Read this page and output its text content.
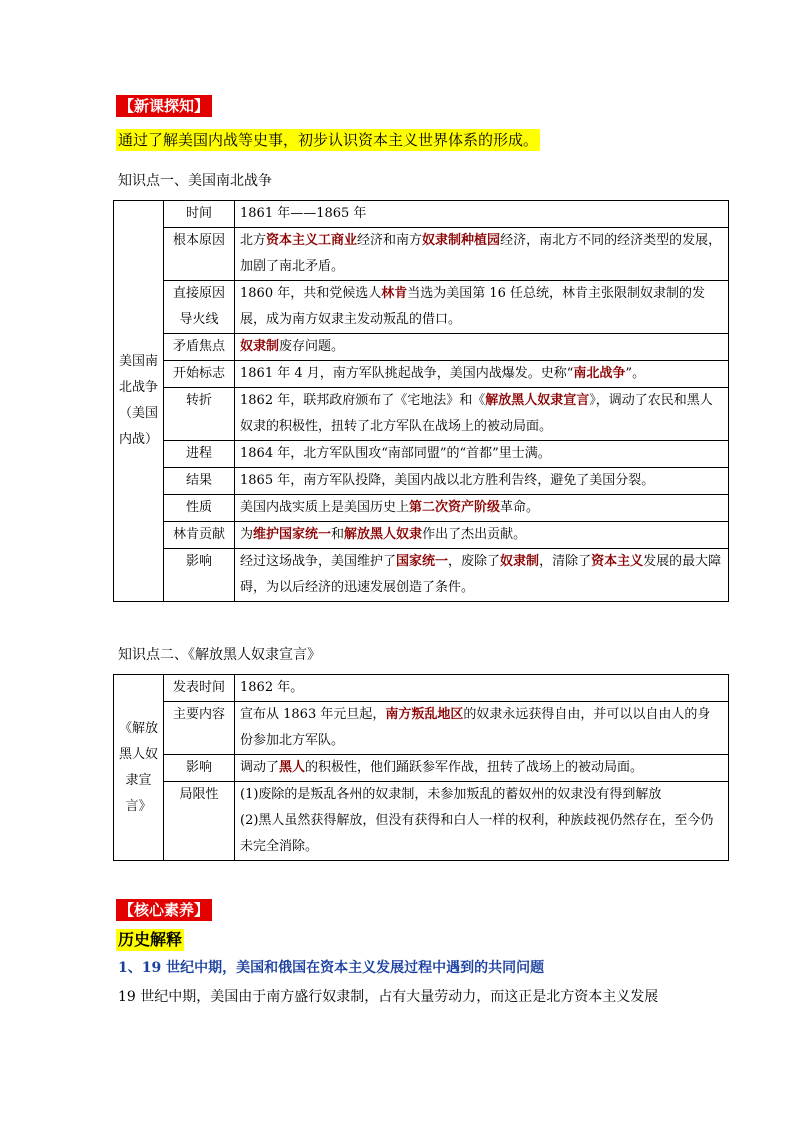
【新课探知】
通过了解美国内战等史事，初步认识资本主义世界体系的形成。
知识点一、美国南北战争
美国南北战争（美国内战）	时间	1861 年——1865 年
	根本原因	北方资本主义工商业经济和南方奴隶制种植园经济，南北方不同的经济类型的发展，加剧了南北矛盾。
	直接原因导火线	1860 年，共和党候选人林肯当选为美国第 16 任总统，林肯主张限制奴隶制的发展，成为南方奴隶主发动叛乱的借口。
	矛盾焦点	奴隶制废存问题。
	开始标志	1861 年 4 月，南方军队挑起战争，美国内战爆发。史称“南北战争”。
	转折	1862 年，联邦政府颁布了《宅地法》和《解放黑人奴隶宣言》，调动了农民和黑人奴隶的积极性，扭转了北方军队在战场上的被动局面。
	进程	1864 年，北方军队围攻“南部同盟”的“首都”里士满。
	结果	1865 年，南方军队投降，美国内战以北方胜利告终，避免了美国分裂。
	性质	美国内战实质上是美国历史上第二次资产阶级革命。
	林肯贡献	为维护国家统一和解放黑人奴隶作出了杰出贡献。
	影响	经过这场战争，美国维护了国家统一，废除了奴隶制，清除了资本主义发展的最大障碍，为以后经济的迅速发展创造了条件。
知识点二、《解放黑人奴隶宣言》
《解放黑人奴隶宣言》	发表时间	1862 年。
	主要内容	宣布从 1863 年元旦起，南方叛乱地区的奴隶永远获得自由，并可以以自由人的身份参加北方军队。
	影响	调动了黑人的积极性，他们踊跃参军作战，扭转了战场上的被动局面。
	局限性	(1)废除的是叛乱各州的奴隶制，未参加叛乱的蓄奴州的奴隶没有得到解放
(2)黑人虽然获得解放，但没有获得和白人一样的权利，种族歧视仍然存在，至今仍未完全消除。
【核心素养】
历史解释
1、19 世纪中期，美国和俄国在资本主义发展过程中遇到的共同问题
19 世纪中期，美国由于南方盛行奴隶制，占有大量劳动力，而这正是北方资本主义发展
